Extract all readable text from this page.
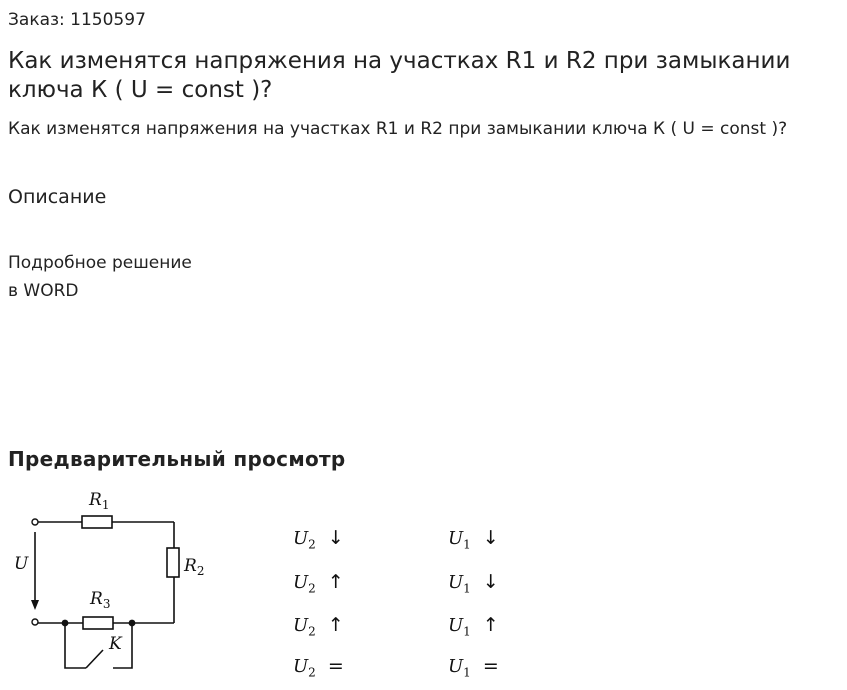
Заказ: 1150597
Как изменятся напряжения на участках R1 и R2 при замыкании ключа К ( U = const )?
Как изменятся напряжения на участках R1 и R2 при замыкании ключа К ( U = const )?
Описание
Подробное решение
в WORD
Предварительный просмотр
$R_1$
$R_2$
$R_3$
U
K
$U_2$ ↓	$U_1$ ↓
$U_2$ ↑	$U_1$ ↓
$U_2$ ↑	$U_1$ ↑
$U_2$ =	$U_1$ =
